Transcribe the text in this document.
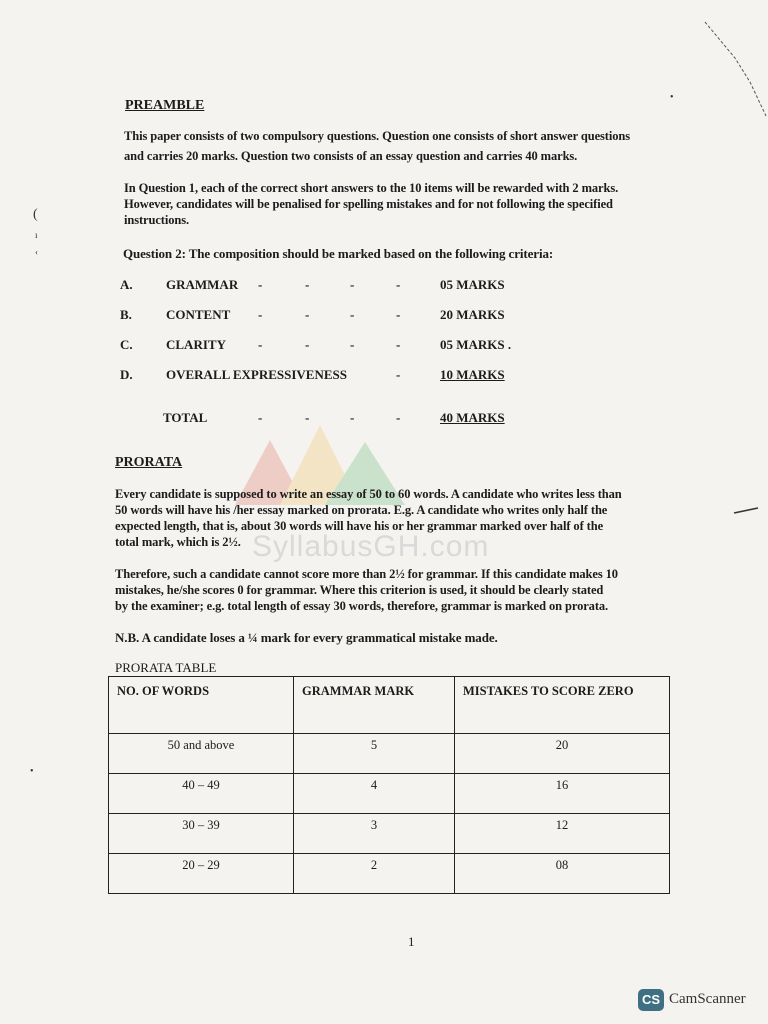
SyllabusGH.com
(
ı
‹
•
•
PREAMBLE
This paper consists of two compulsory questions. Question one consists of short answer questions
and carries 20 marks. Question two consists of an essay question and carries 40 marks.
In Question 1, each of the correct short answers to the 10 items will be rewarded with 2 marks.
However, candidates will be penalised for spelling mistakes and for not following the specified
instructions.
Question 2: The composition should be marked based on the following criteria:
A.	GRAMMAR -	-	-	-	05 MARKS
B.	CONTENT -	-	-	-	20 MARKS
C.	CLARITY -	-	-	-	05 MARKS .
D.	OVERALL EXPRESSIVENESS	-	10 MARKS
TOTAL	-	-	-	-	40 MARKS
PRORATA
Every candidate is supposed to write an essay of 50 to 60 words. A candidate who writes less than
50 words will have his /her essay marked on prorata. E.g. A candidate who writes only half the
expected length, that is, about 30 words will have his or her grammar marked over half of the
total mark, which is 2½.
Therefore, such a candidate cannot score more than 2½ for grammar. If this candidate makes 10
mistakes, he/she scores 0 for grammar. Where this criterion is used, it should be clearly stated
by the examiner; e.g. total length of essay 30 words, therefore, grammar is marked on prorata.
N.B. A candidate loses a ¼ mark for every grammatical mistake made.
PRORATA TABLE
NO. OF WORDS	GRAMMAR MARK	MISTAKES TO SCORE ZERO
50 and above	5	20
40 – 49	4	16
30 – 39	3	12
20 – 29	2	08
1
CS CamScanner
